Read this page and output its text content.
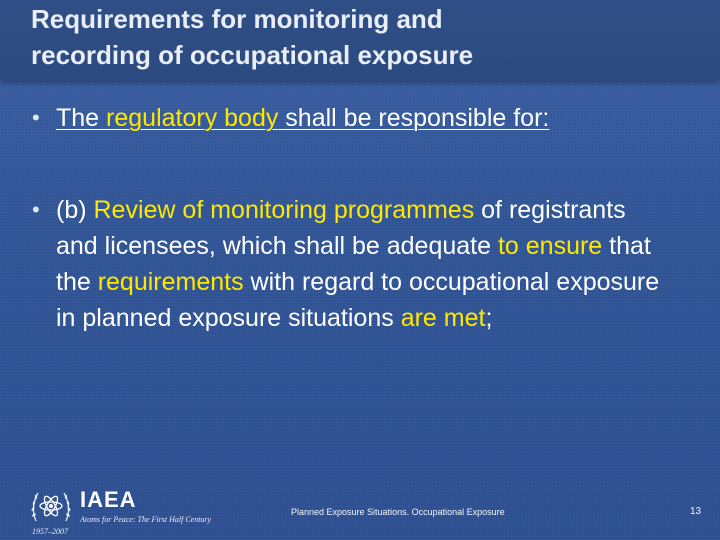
Requirements for monitoring and
recording of occupational exposure
• The regulatory body shall be responsible for:
• (b) Review of monitoring programmes of registrants and licensees, which shall be adequate to ensure that the requirements with regard to occupational exposure in planned exposure situations are met;
IAEA
Atoms for Peace: The First Half Century
1957–2007
Planned Exposure Situations. Occupational Exposure	13
